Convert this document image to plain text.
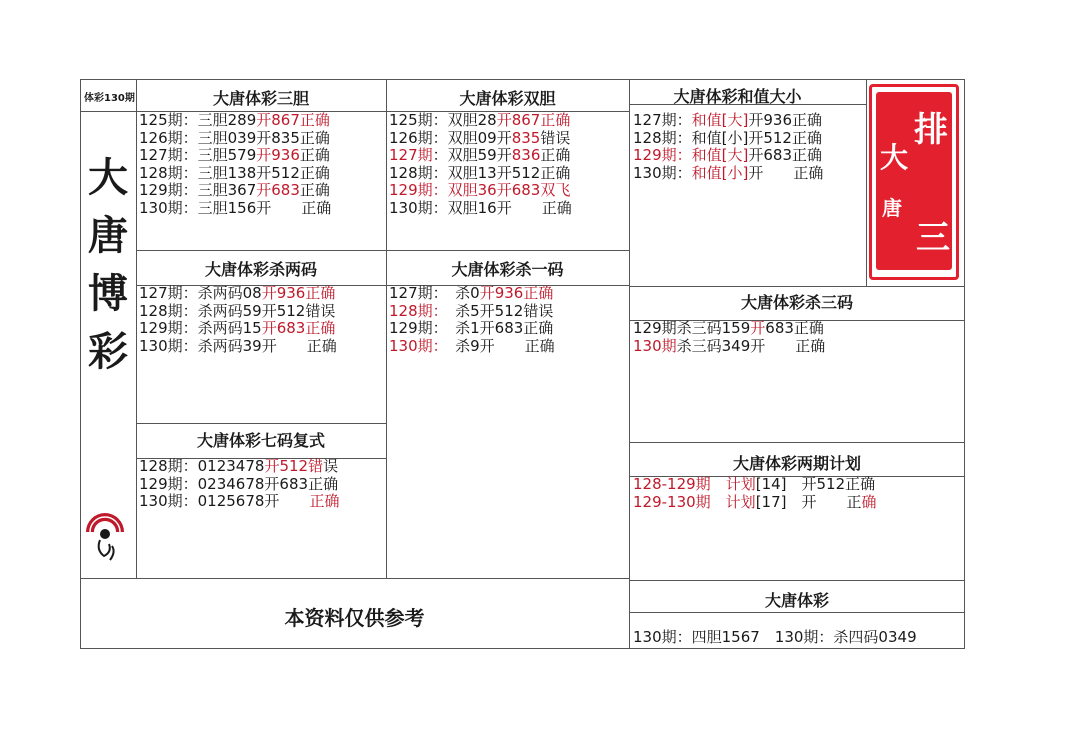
体彩130期
大
唐
博
彩
排
三
大
唐
大唐体彩三胆	大唐体彩双胆	大唐体彩和值大小
大唐体彩杀两码	大唐体彩杀一码
大唐体彩杀三码
大唐体彩七码复式
大唐体彩两期计划
大唐体彩
125期：三胆289开867正确
126期：三胆039开835正确
127期：三胆579开936正确
128期：三胆138开512正确
129期：三胆367开683正确
130期：三胆156开　　正确
125期：双胆28开867正确
126期：双胆09开835错误
127期：双胆59开836正确
128期：双胆13开512正确
129期：双胆36开683双飞
130期：双胆16开　　正确
127期：和值[大]开936正确
128期：和值[小]开512正确
129期：和值[大]开683正确
130期：和值[小]开　　正确
127期：杀两码08开936正确
128期：杀两码59开512错误
129期：杀两码15开683正确
130期：杀两码39开　　正确
127期：　杀0开936正确
128期：　杀5开512错误
129期：　杀1开683正确
130期：　杀9开　　正确
129期杀三码159开683正确
130期杀三码349开　　正确
128期：0123478开512错误
129期：0234678开683正确
130期：0125678开　　正确
128-129期　 计划[14]　开512正确
129-130期　计划[17]　开　　正确
130期：四胆1567　130期：杀四码0349
本资料仅供参考
